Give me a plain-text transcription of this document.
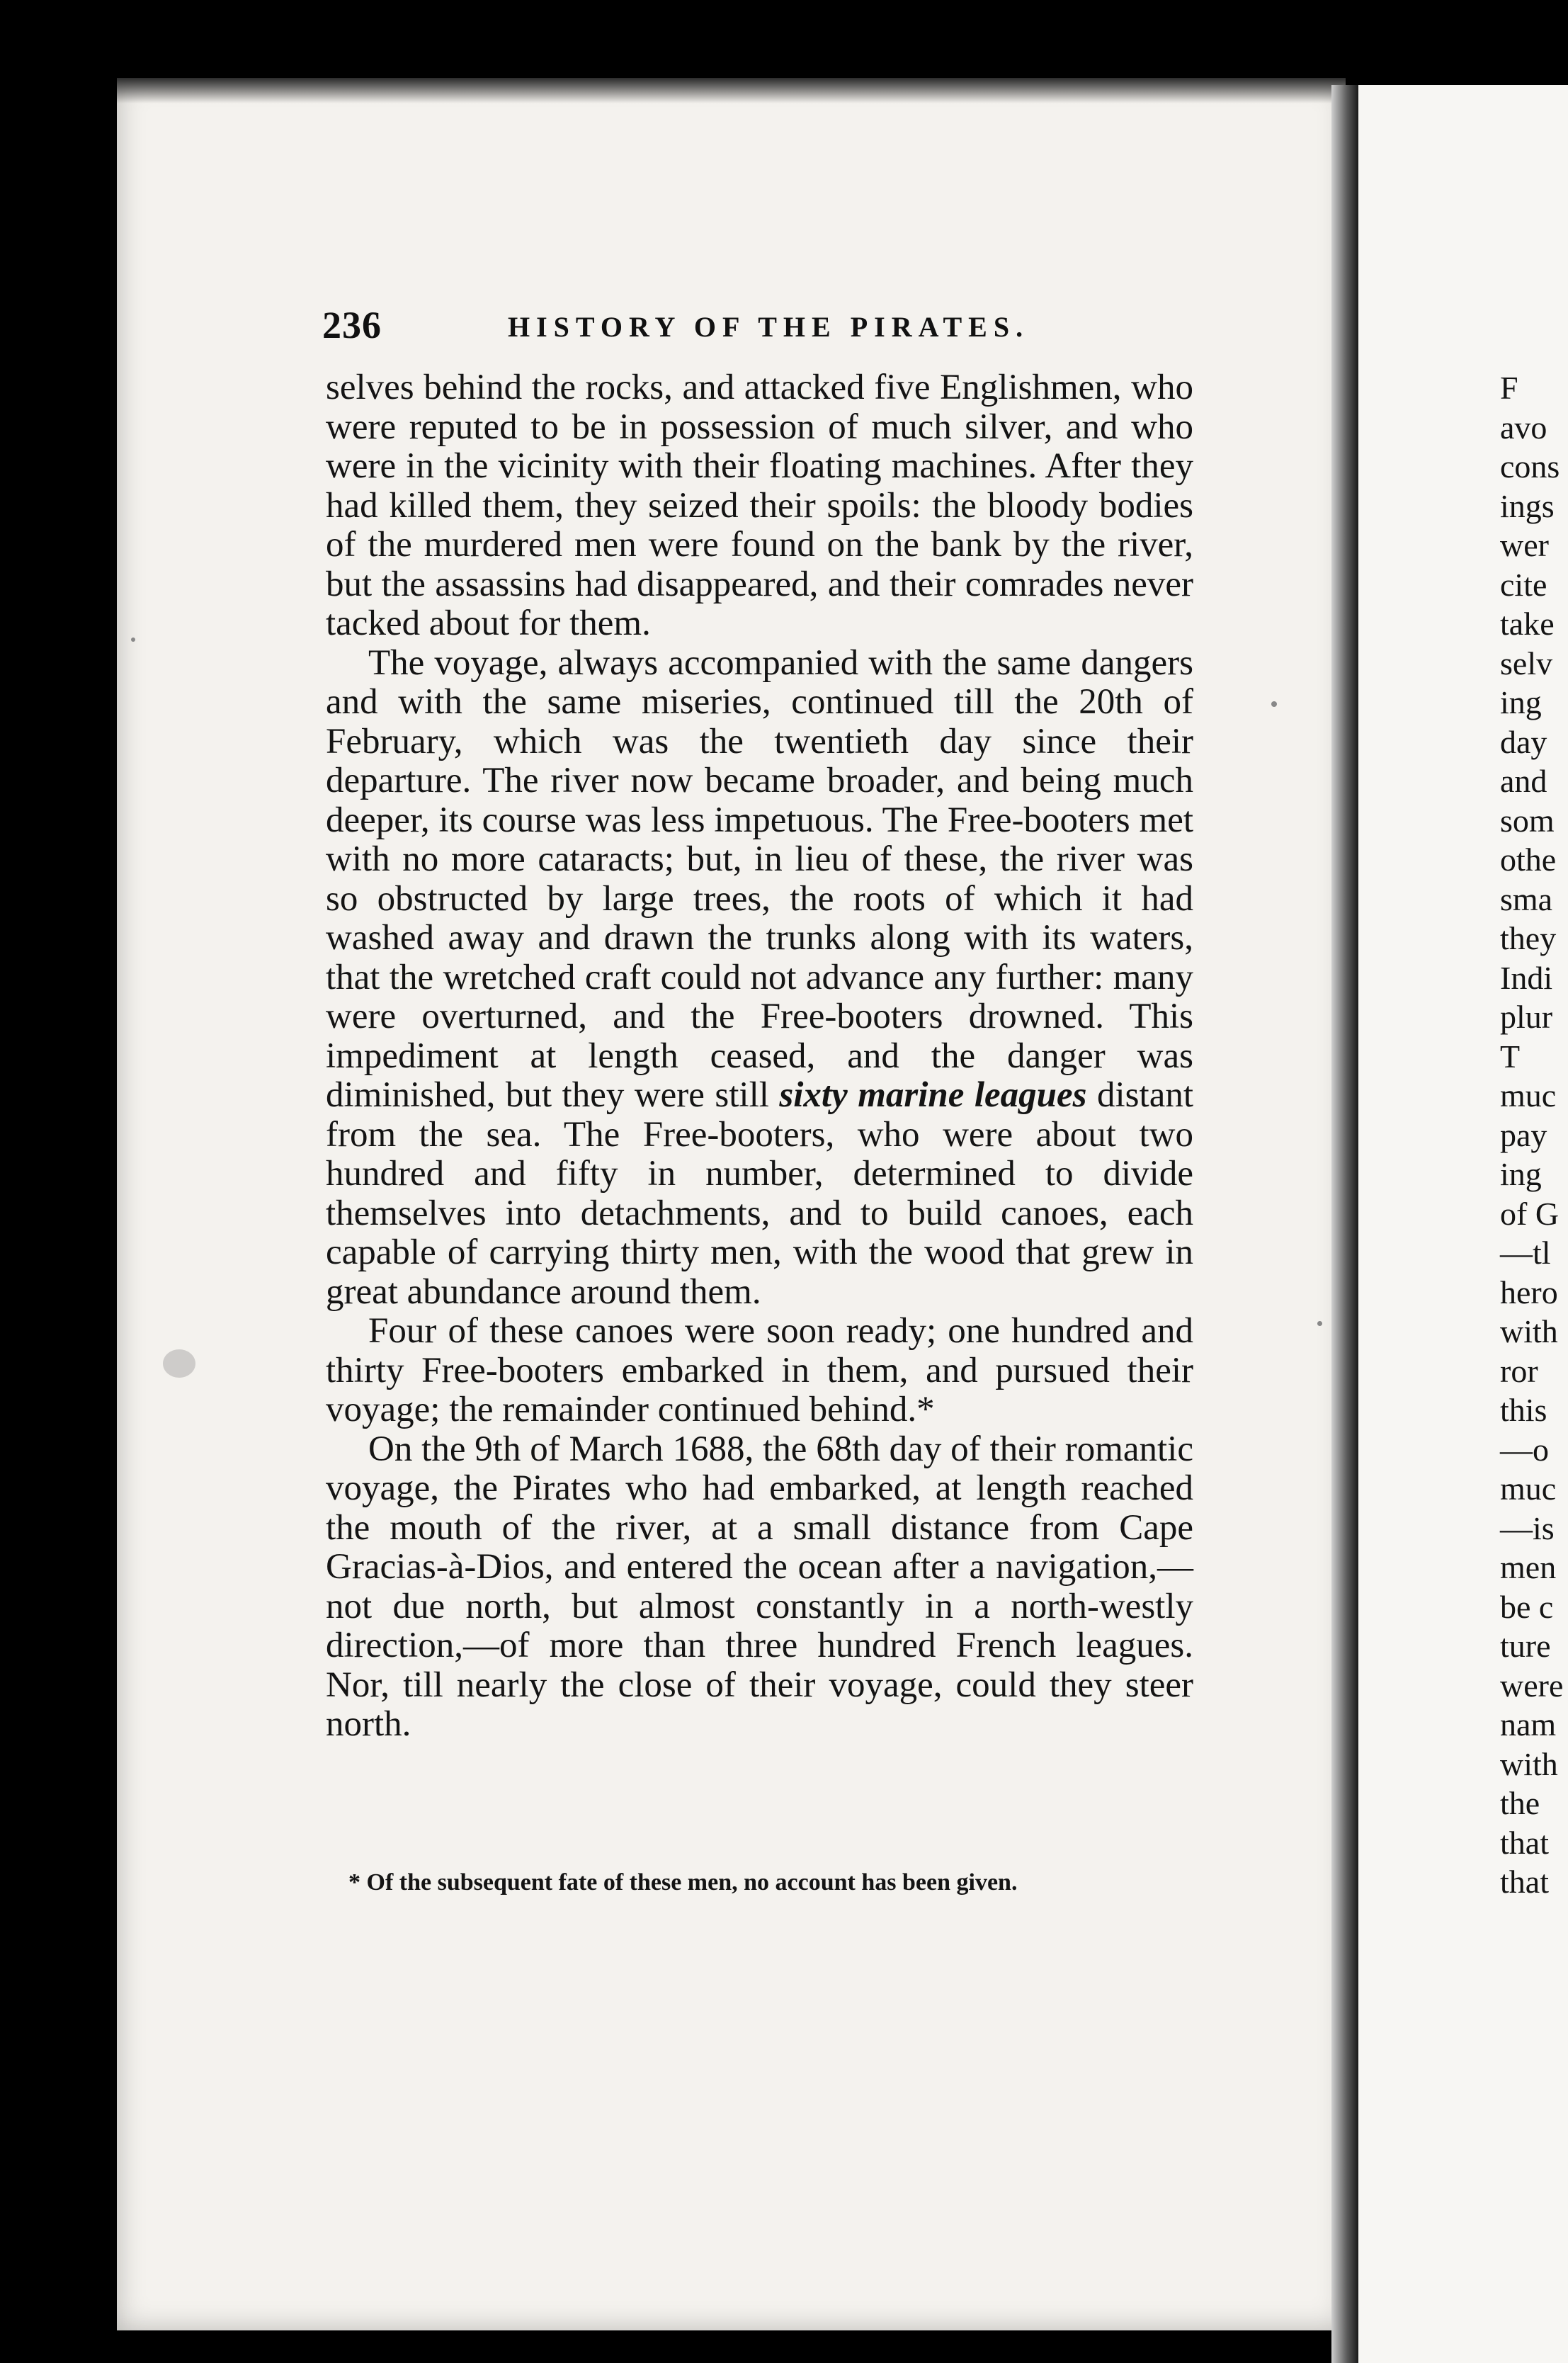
236	HISTORY OF THE PIRATES.

selves behind the rocks, and attacked five Englishmen, who were reputed to be in possession of much silver, and who were in the vicinity with their floating machines. After they had killed them, they seized their spoils: the bloody bodies of the murdered men were found on the bank by the river, but the assassins had disappeared, and their comrades never tacked about for them.

The voyage, always accompanied with the same dangers and with the same miseries, continued till the 20th of February, which was the twentieth day since their departure. The river now became broader, and being much deeper, its course was less impetuous. The Free-booters met with no more cataracts; but, in lieu of these, the river was so obstructed by large trees, the roots of which it had washed away and drawn the trunks along with its waters, that the wretched craft could not advance any further: many were overturned, and the Free-booters drowned. This impediment at length ceased, and the danger was diminished, but they were still sixty marine leagues distant from the sea. The Free-booters, who were about two hundred and fifty in number, determined to divide themselves into detachments, and to build canoes, each capable of carrying thirty men, with the wood that grew in great abundance around them.

Four of these canoes were soon ready; one hundred and thirty Free-booters embarked in them, and pursued their voyage; the remainder continued behind.*

On the 9th of March 1688, the 68th day of their romantic voyage, the Pirates who had embarked, at length reached the mouth of the river, at a small distance from Cape Gracias-à-Dios, and entered the ocean after a navigation,—not due north, but almost constantly in a north-westly direction,—of more than three hundred French leagues. Nor, till nearly the close of their voyage, could they steer north.

* Of the subsequent fate of these men, no account has been given.
F
avo
cons
ings
wer
cite
take
selv
ing
day
and
som
othe
sma
they
Indi
plur
T
muc
pay
ing
of G
—tl
hero
with
ror
this
—o
muc
—is
men
be c
ture
were
nam
with
the
that
that
